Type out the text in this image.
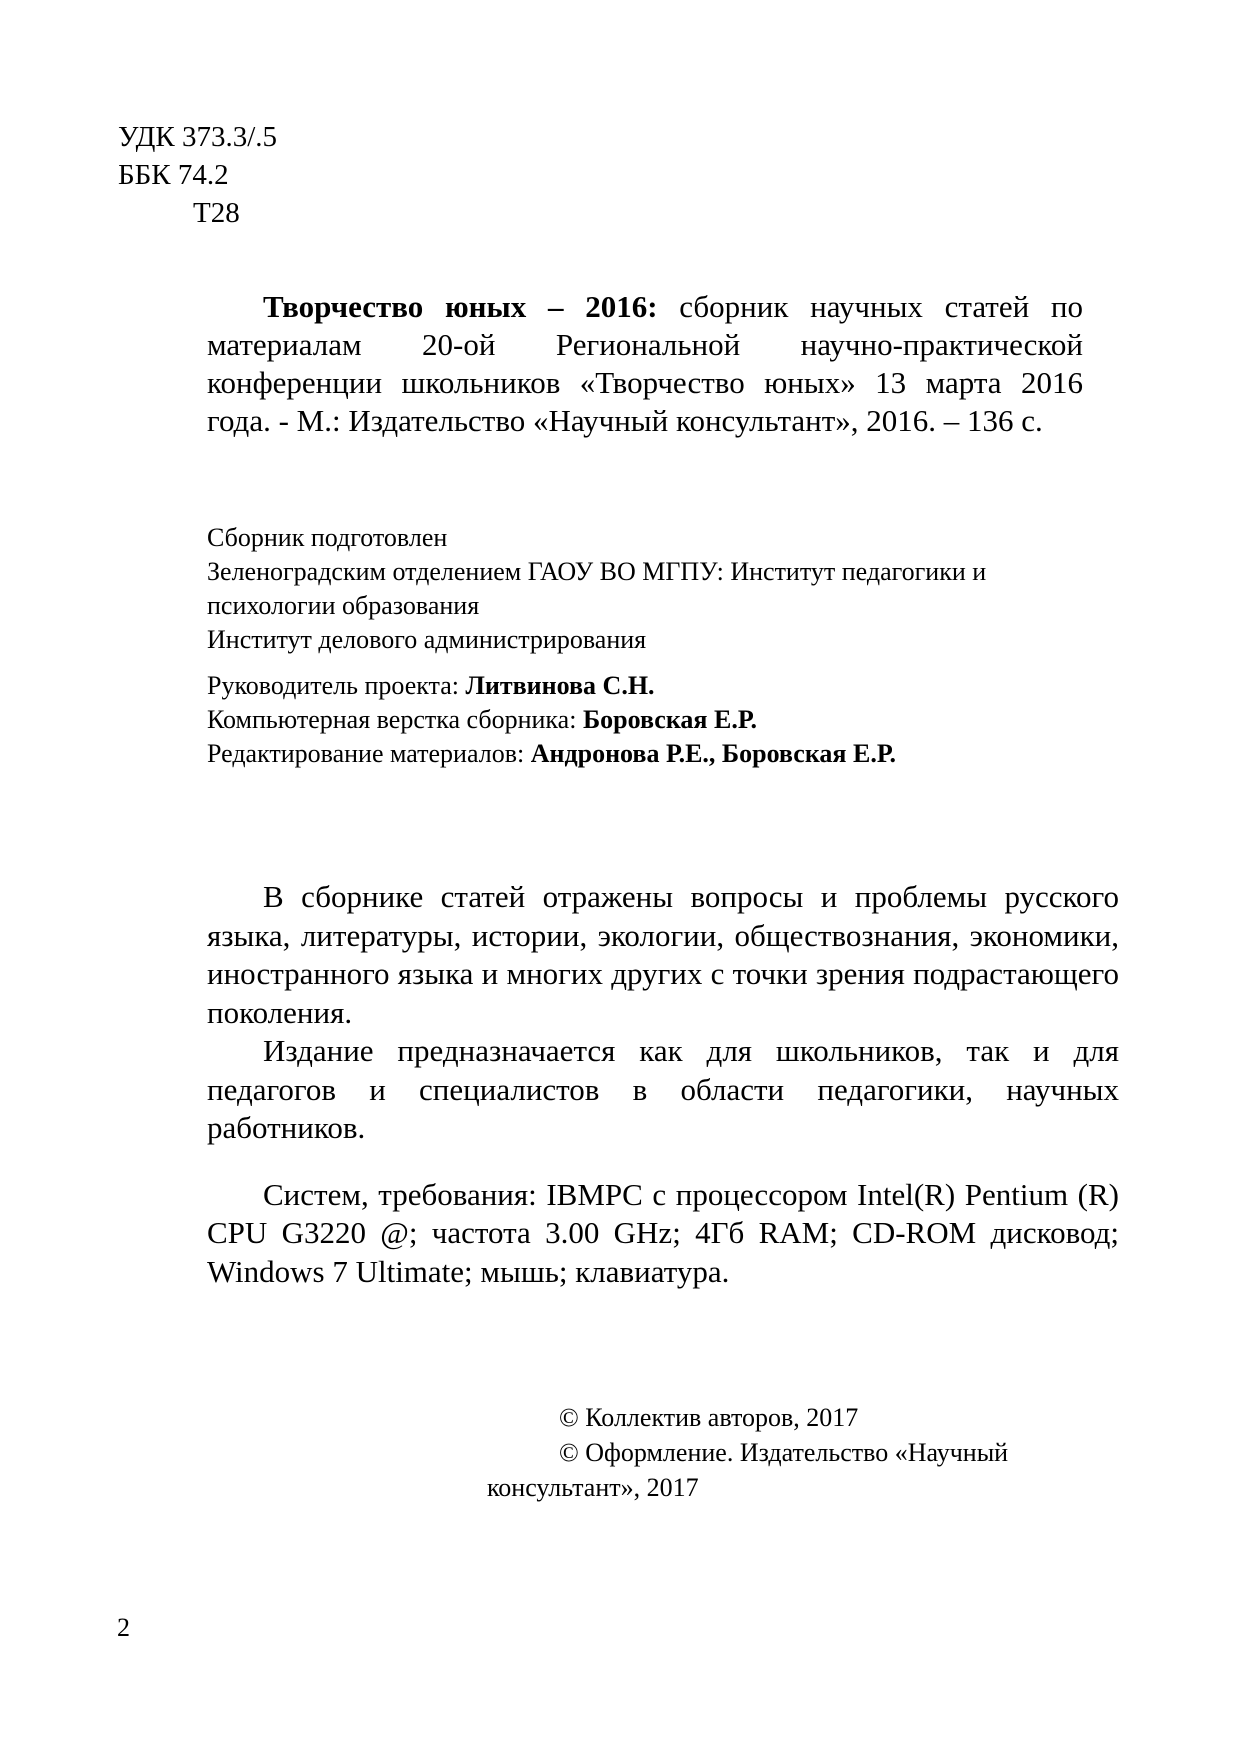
УДК 373.3/.5
ББК 74.2
Т28

Творчество юных – 2016: сборник научных статей по материалам 20-ой Региональной научно-практической конференции школьников «Творчество юных» 13 марта 2016 года. - М.: Издательство «Научный консультант», 2016. – 136 с.

Сборник подготовлен
Зеленоградским отделением ГАОУ ВО МГПУ: Институт педагогики и психологии образования
Институт делового администрирования
Руководитель проекта: Литвинова С.Н.
Компьютерная верстка сборника: Боровская Е.Р.
Редактирование материалов: Андронова Р.Е., Боровская Е.Р.

В сборнике статей отражены вопросы и проблемы русского языка, литературы, истории, экологии, обществознания, экономики, иностранного языка и многих других с точки зрения подрастающего поколения.

Издание предназначается как для школьников, так и для педагогов и специалистов в области педагогики, научных работников.

Систем, требования: IBMPC с процессором Intel(R) Pentium (R) CPU G3220 @; частота 3.00 GHz; 4Гб RAM; CD-ROM дисковод; Windows 7 Ultimate; мышь; клавиатура.

© Коллектив авторов, 2017
© Оформление. Издательство «Научный консультант», 2017
2
